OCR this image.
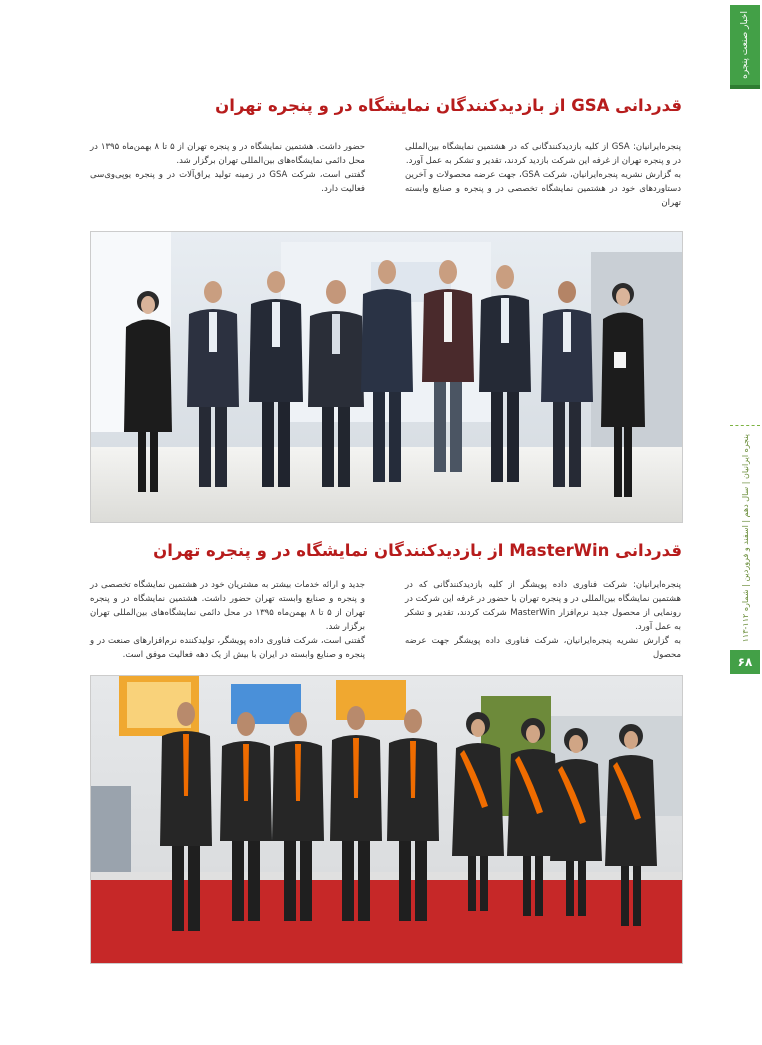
اخبار صنعت پنجره
پنجره ایرانیان | سال دهم | اسفند و فروردین | شماره ۱۱۲-۱۱۳
۶۸
قدردانی GSA از بازدیدکنندگان نمایشگاه در و پنجره تهران

پنجره‌ایرانیان: GSA از کلیه بازدیدکنندگانی که در هشتمین نمایشگاه بین‌المللی در و پنجره تهران از غرفه این شرکت بازدید کردند، تقدیر و تشکر به عمل آورد.

به گزارش نشریه پنجره‌ایرانیان، شرکت GSA، جهت عرضه محصولات و آخرین دستاوردهای خود در هشتمین نمایشگاه تخصصی در و پنجره و صنایع وابسته تهران

حضور داشت. هشتمین نمایشگاه در و پنجره تهران از ۵ تا ۸ بهمن‌ماه ۱۳۹۵ در محل دائمی نمایشگاه‌های بین‌المللی تهران برگزار شد.

گفتنی است، شرکت GSA در زمینه تولید یراق‌آلات در و پنجره یوپی‌وی‌سی فعالیت دارد.

قدردانی MasterWin از بازدیدکنندگان نمایشگاه در و پنجره تهران

پنجره‌ایرانیان: شرکت فناوری داده پویشگر از کلیه بازدیدکنندگانی که در هشتمین نمایشگاه بین‌المللی در و پنجره تهران با حضور در غرفه این شرکت در رونمایی از محصول جدید نرم‌افزار MasterWin شرکت کردند، تقدیر و تشکر به عمل آورد.

به گزارش نشریه پنجره‌ایرانیان، شرکت فناوری داده پویشگر جهت عرضه محصول

جدید و ارائه خدمات بیشتر به مشتریان خود در هشتمین نمایشگاه تخصصی در و پنجره و صنایع وابسته تهران حضور داشت. هشتمین نمایشگاه در و پنجره تهران از ۵ تا ۸ بهمن‌ماه ۱۳۹۵ در محل دائمی نمایشگاه‌های بین‌المللی تهران برگزار شد.

گفتنی است، شرکت فناوری داده پویشگر، تولیدکننده نرم‌افزارهای صنعت در و پنجره و صنایع وابسته در ایران با بیش از یک دهه فعالیت موفق است.
